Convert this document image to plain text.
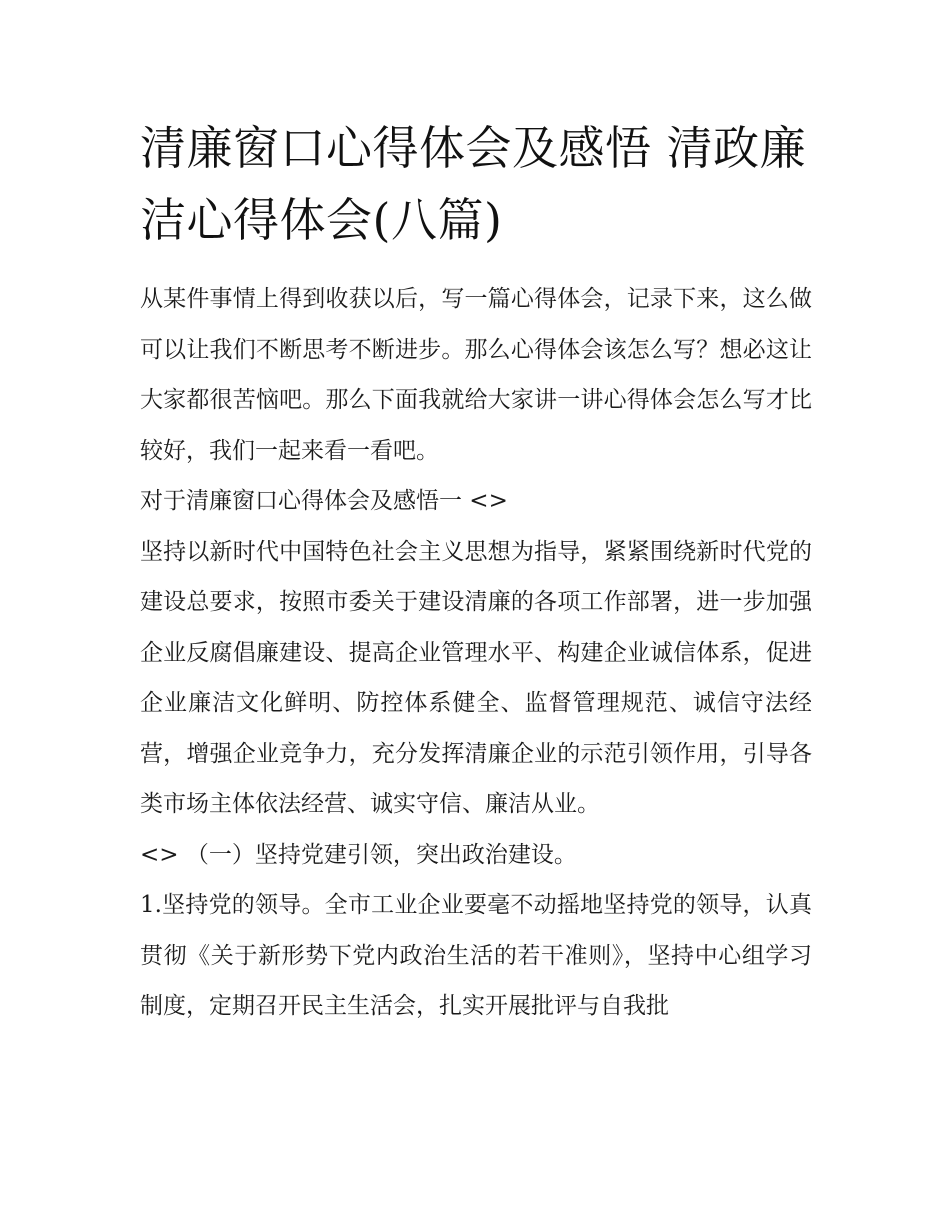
清廉窗口心得体会及感悟 清政廉洁心得体会(八篇)

从某件事情上得到收获以后，写一篇心得体会，记录下来，这么做可以让我们不断思考不断进步。那么心得体会该怎么写？想必这让大家都很苦恼吧。那么下面我就给大家讲一讲心得体会怎么写才比较好，我们一起来看一看吧。

对于清廉窗口心得体会及感悟一 <>

坚持以新时代中国特色社会主义思想为指导，紧紧围绕新时代党的建设总要求，按照市委关于建设清廉的各项工作部署，进一步加强企业反腐倡廉建设、提高企业管理水平、构建企业诚信体系，促进企业廉洁文化鲜明、防控体系健全、监督管理规范、诚信守法经营，增强企业竞争力，充分发挥清廉企业的示范引领作用，引导各类市场主体依法经营、诚实守信、廉洁从业。

<> （一）坚持党建引领，突出政治建设。

1.坚持党的领导。全市工业企业要毫不动摇地坚持党的领导，认真贯彻《关于新形势下党内政治生活的若干准则》，坚持中心组学习制度，定期召开民主生活会，扎实开展批评与自我批
